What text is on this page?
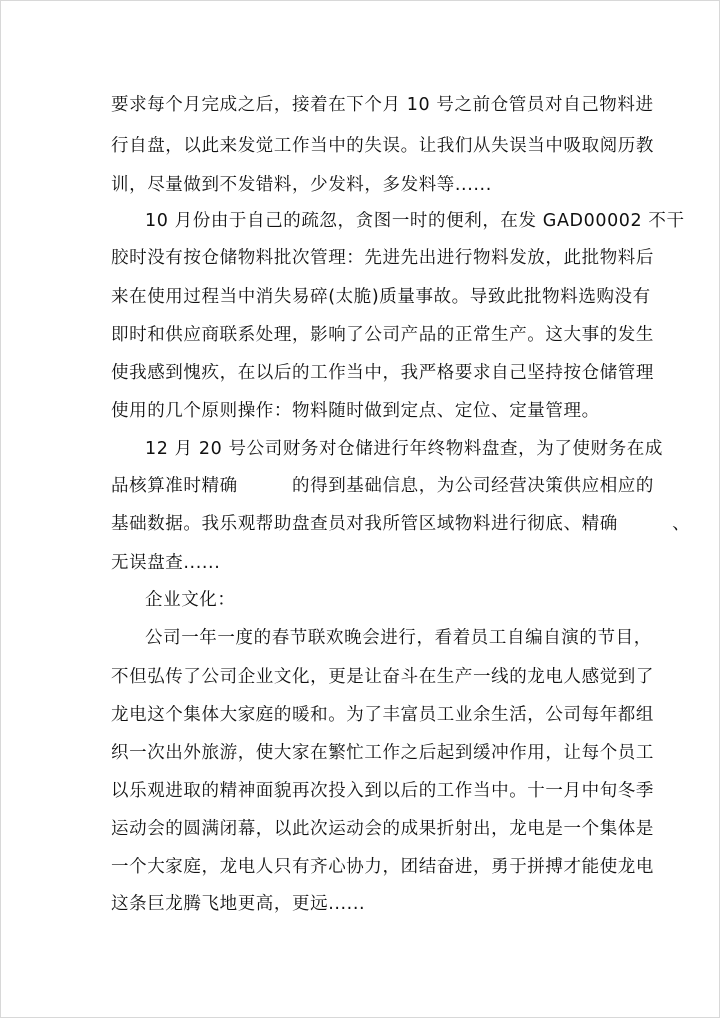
要求每个月完成之后，接着在下个月 10 号之前仓管员对自己物料进
行自盘，以此来发觉工作当中的失误。让我们从失误当中吸取阅历教
训，尽量做到不发错料，少发料，多发料等......
10 月份由于自己的疏忽，贪图一时的便利，在发 GAD00002 不干
胶时没有按仓储物料批次管理：先进先出进行物料发放，此批物料后
来在使用过程当中消失易碎(太脆)质量事故。导致此批物料选购没有
即时和供应商联系处理，影响了公司产品的正常生产。这大事的发生
使我感到愧疚，在以后的工作当中，我严格要求自己坚持按仓储管理
使用的几个原则操作：物料随时做到定点、定位、定量管理。
12 月 20 号公司财务对仓储进行年终物料盘查，为了使财务在成
品核算准时精确　　　的得到基础信息，为公司经营决策供应相应的
基础数据。我乐观帮助盘查员对我所管区域物料进行彻底、精确　　　、
无误盘查......
企业文化：
公司一年一度的春节联欢晚会进行，看着员工自编自演的节目，
不但弘传了公司企业文化，更是让奋斗在生产一线的龙电人感觉到了
龙电这个集体大家庭的暖和。为了丰富员工业余生活，公司每年都组
织一次出外旅游，使大家在繁忙工作之后起到缓冲作用，让每个员工
以乐观进取的精神面貌再次投入到以后的工作当中。十一月中旬冬季
运动会的圆满闭幕，以此次运动会的成果折射出，龙电是一个集体是
一个大家庭，龙电人只有齐心协力，团结奋进，勇于拼搏才能使龙电
这条巨龙腾飞地更高，更远......
